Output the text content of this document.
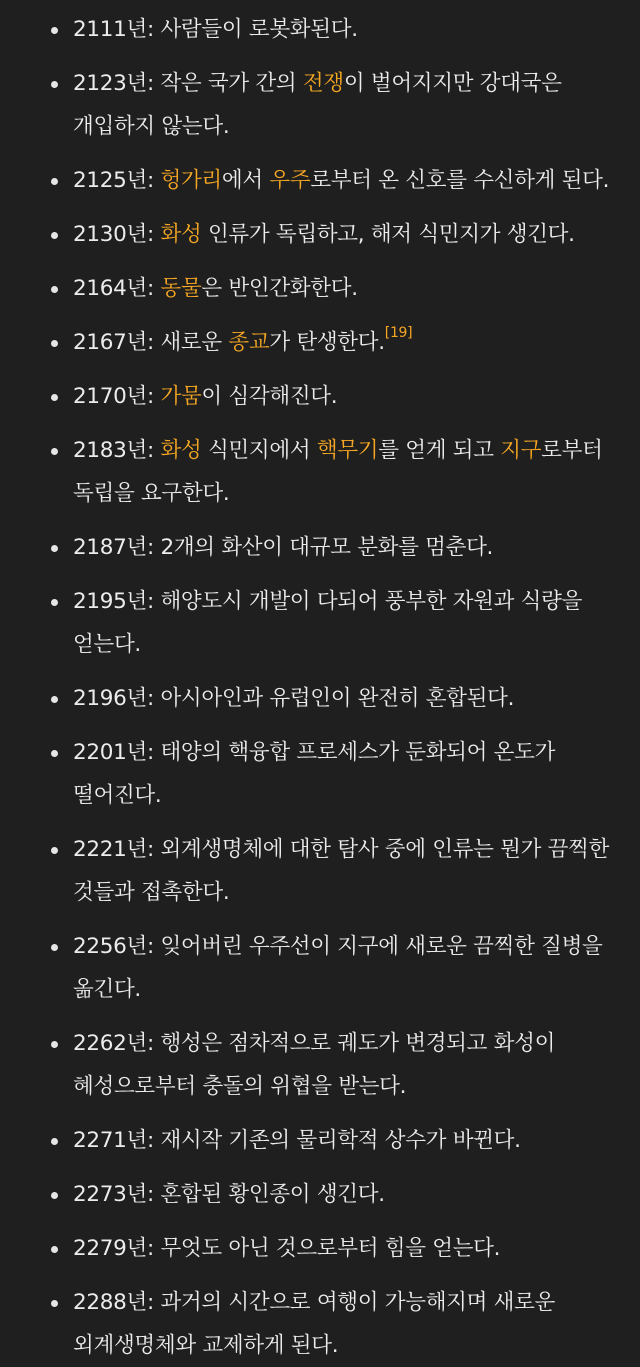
2111년: 사람들이 로봇화된다.
2123년: 작은 국가 간의 전쟁이 벌어지지만 강대국은 개입하지 않는다.
2125년: 헝가리에서 우주로부터 온 신호를 수신하게 된다.
2130년: 화성 인류가 독립하고, 해저 식민지가 생긴다.
2164년: 동물은 반인간화한다.
2167년: 새로운 종교가 탄생한다.[19]
2170년: 가뭄이 심각해진다.
2183년: 화성 식민지에서 핵무기를 얻게 되고 지구로부터 독립을 요구한다.
2187년: 2개의 화산이 대규모 분화를 멈춘다.
2195년: 해양도시 개발이 다되어 풍부한 자원과 식량을 얻는다.
2196년: 아시아인과 유럽인이 완전히 혼합된다.
2201년: 태양의 핵융합 프로세스가 둔화되어 온도가 떨어진다.
2221년: 외계생명체에 대한 탐사 중에 인류는 뭔가 끔찍한 것들과 접촉한다.
2256년: 잊어버린 우주선이 지구에 새로운 끔찍한 질병을 옮긴다.
2262년: 행성은 점차적으로 궤도가 변경되고 화성이 혜성으로부터 충돌의 위협을 받는다.
2271년: 재시작 기존의 물리학적 상수가 바뀐다.
2273년: 혼합된 황인종이 생긴다.
2279년: 무엇도 아닌 것으로부터 힘을 얻는다.
2288년: 과거의 시간으로 여행이 가능해지며 새로운 외계생명체와 교제하게 된다.
